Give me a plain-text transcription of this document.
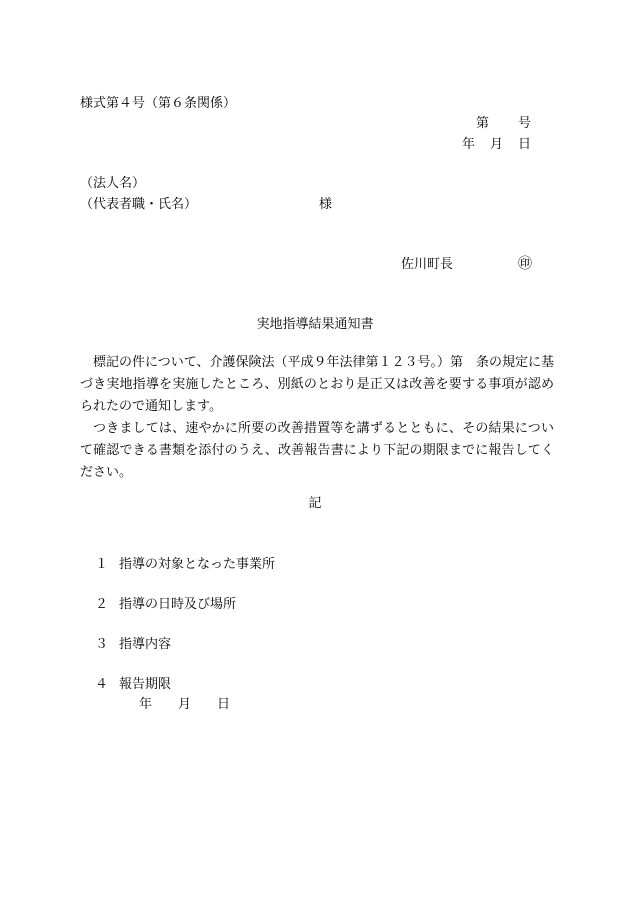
様式第４号（第６条関係）
第　　号
年　月　日
（法人名）
（代表者職・氏名）	様
佐川町長	㊞
実地指導結果通知書

標記の件について、介護保険法（平成９年法律第１２３号。）第　条の規定に基づき実地指導を実施したところ、別紙のとおり是正又は改善を要する事項が認められたので通知します。

つきましては、速やかに所要の改善措置等を講ずるとともに、その結果について確認できる書類を添付のうえ、改善報告書により下記の期限までに報告してください。

記
１ 指導の対象となった事業所
２ 指導の日時及び場所
３ 指導内容
４ 報告期限
年　　月　　日
